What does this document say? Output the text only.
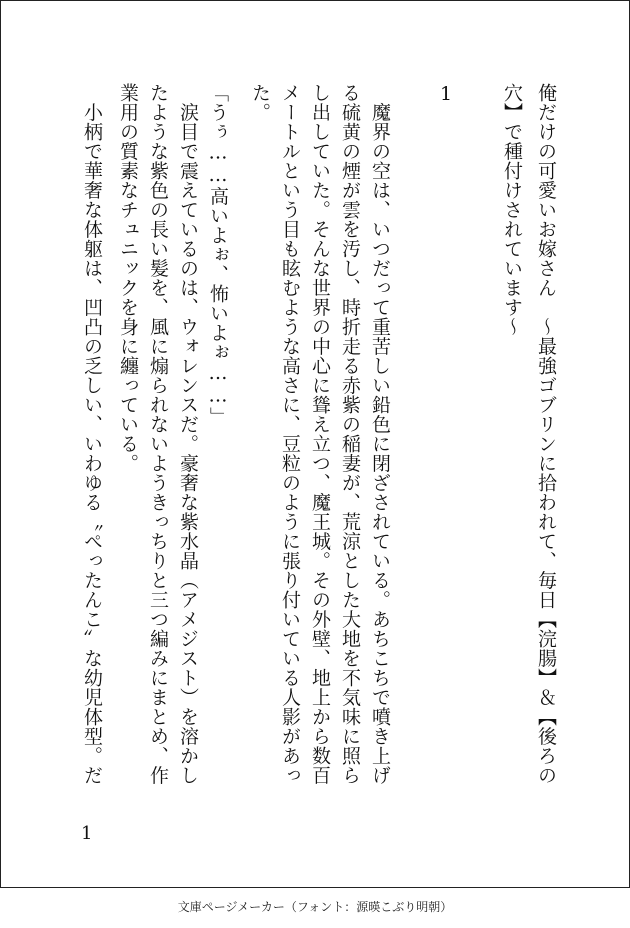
俺だけの可愛いお嫁さん　～最強ゴブリンに拾われて、毎日【浣腸】＆【後ろの
穴】で種付けされています～
1
　魔界の空は、いつだって重苦しい鉛色に閉ざされている。あちこちで噴き上げ
る硫黄の煙が雲を汚し、時折走る赤紫の稲妻が、荒涼とした大地を不気味に照ら
し出していた。そんな世界の中心に聳え立つ、魔王城。その外壁、地上から数百
メートルという目も眩むような高さに、豆粒のように張り付いている人影があっ
た。
「うぅ……高いよぉ、怖いよぉ……」
　涙目で震えているのは、ウォレンスだ。豪奢な紫水晶（アメジスト）を溶かし
たような紫色の長い髪を、風に煽られないようきっちりと三つ編みにまとめ、作
業用の質素なチュニックを身に纏っている。
　小柄で華奢な体躯は、凹凸の乏しい、いわゆる〝ぺったんこ〟な幼児体型。だ
1
文庫ページメーカー（フォント：源暎こぶり明朝）
